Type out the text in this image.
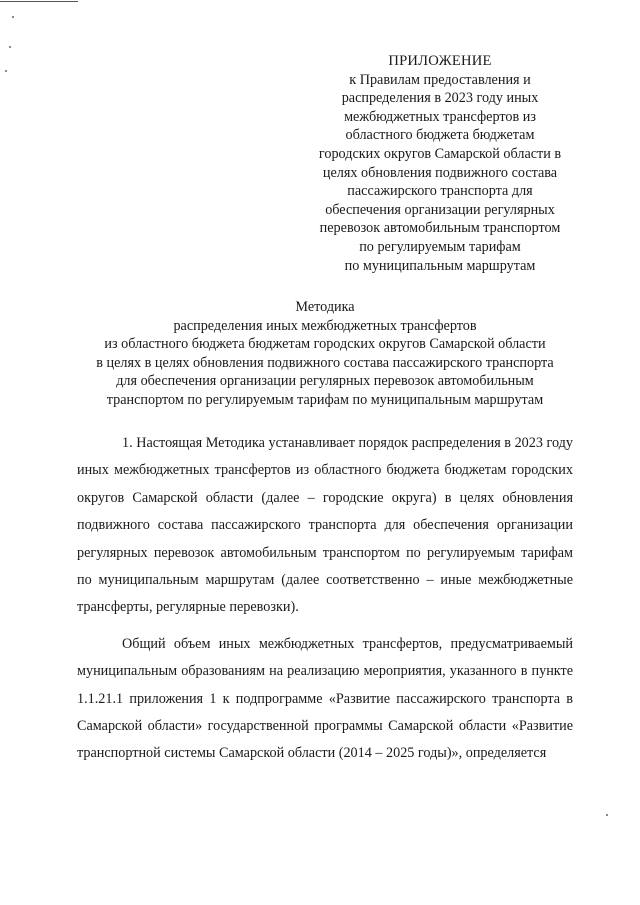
ПРИЛОЖЕНИЕ
к Правилам предоставления и
распределения в 2023 году иных
межбюджетных трансфертов из
областного бюджета бюджетам
городских округов Самарской области в
целях обновления подвижного состава
пассажирского транспорта для
обеспечения организации регулярных
перевозок автомобильным транспортом
по регулируемым тарифам
по муниципальным маршрутам
Методика
распределения иных межбюджетных трансфертов
из областного бюджета бюджетам городских округов Самарской области
в целях в целях обновления подвижного состава пассажирского транспорта
для обеспечения организации регулярных перевозок автомобильным
транспортом по регулируемым тарифам по муниципальным маршрутам

1. Настоящая Методика устанавливает порядок распределения в 2023 году иных межбюджетных трансфертов из областного бюджета бюджетам городских округов Самарской области (далее – городские округа) в целях обновления подвижного состава пассажирского транспорта для обеспечения организации регулярных перевозок автомобильным транспортом по регулируемым тарифам по муниципальным маршрутам (далее соответственно – иные межбюджетные трансферты, регулярные перевозки).

Общий объем иных межбюджетных трансфертов, предусматриваемый муниципальным образованиям на реализацию мероприятия, указанного в пункте 1.1.21.1 приложения 1 к подпрограмме «Развитие пассажирского транспорта в Самарской области» государственной программы Самарской области «Развитие транспортной системы Самарской области (2014 – 2025 годы)», определяется
